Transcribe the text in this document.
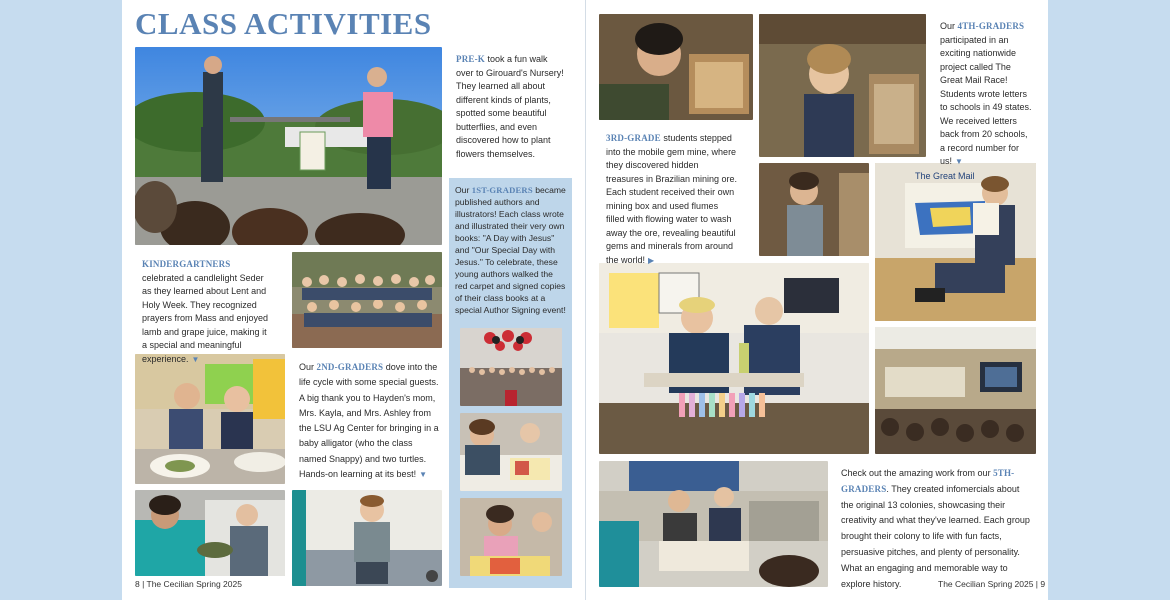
CLASS ACTIVITIES
PRE-K took a fun walk over to Girouard's Nursery! They learned all about different kinds of plants, spotted some beautiful butterflies, and even discovered how to plant flowers themselves.
KINDERGARTNERS celebrated a candlelight Seder as they learned about Lent and Holy Week. They recognized prayers from Mass and enjoyed lamb and grape juice, making it a special and meaningful experience. ▼
Our 1ST-GRADERS became published authors and illustrators! Each class wrote and illustrated their very own books: "A Day with Jesus" and "Our Special Day with Jesus." To celebrate, these young authors walked the red carpet and signed copies of their class books at a special Author Signing event!
Our 2ND-GRADERS dove into the life cycle with some special guests. A big thank you to Hayden's mom, Mrs. Kayla, and Mrs. Ashley from the LSU Ag Center for bringing in a baby alligator (who the class named Snappy) and two turtles. Hands-on learning at its best! ▼
8 | The Cecilian Spring 2025
The Great Mail
3RD-GRADE students stepped into the mobile gem mine, where they discovered hidden treasures in Brazilian mining ore. Each student received their own mining box and used flumes filled with flowing water to wash away the ore, revealing beautiful gems and minerals from around the world! ▶
Our 4TH-GRADERS participated in an exciting nationwide project called The Great Mail Race! Students wrote letters to schools in 49 states. We received letters back from 20 schools, a record number for us! ▼
Check out the amazing work from our 5TH-GRADERS. They created infomercials about the original 13 colonies, showcasing their creativity and what they've learned. Each group brought their colony to life with fun facts, persuasive pitches, and plenty of personality. What an engaging and memorable way to explore history.	The Cecilian Spring 2025 | 9
